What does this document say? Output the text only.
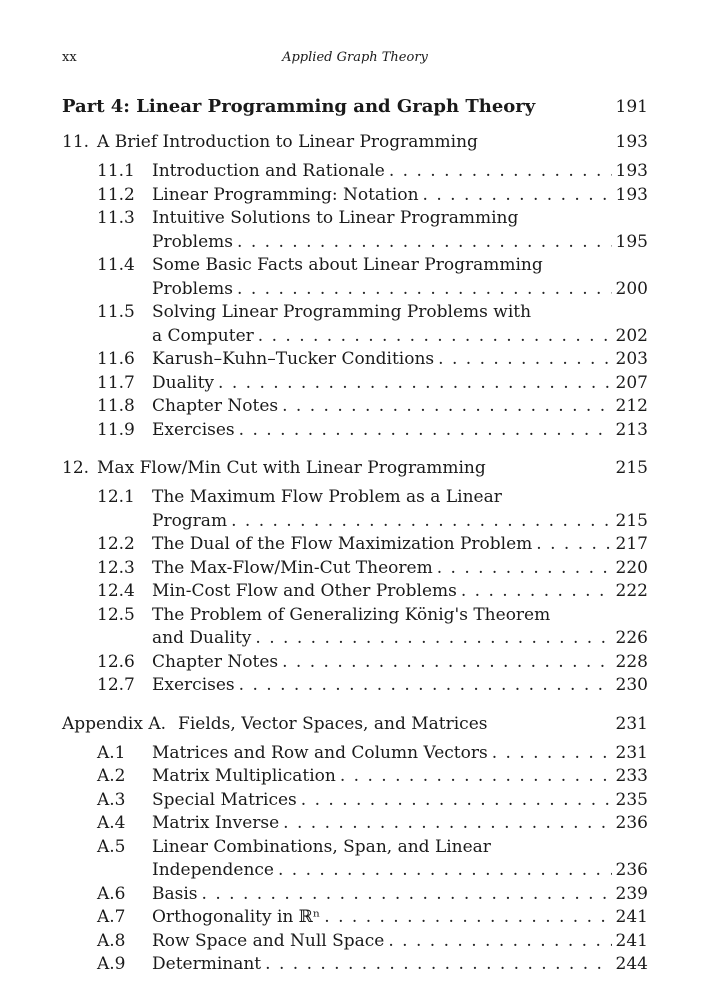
xx	Applied Graph Theory
Part 4: Linear Programming and Graph Theory	191
11. A Brief Introduction to Linear Programming	193
11.1	Introduction and Rationale . . .	193
11.2	Linear Programming: Notation . . .	193
11.3	Intuitive Solutions to Linear Programming
Problems . . .	195
11.4	Some Basic Facts about Linear Programming
Problems . . .	200
11.5	Solving Linear Programming Problems with
a Computer . . .	202
11.6	Karush–Kuhn–Tucker Conditions . . .	203
11.7	Duality . . .	207
11.8	Chapter Notes . . .	212
11.9	Exercises . . .	213
12. Max Flow/Min Cut with Linear Programming	215
12.1	The Maximum Flow Problem as a Linear
Program . . .	215
12.2	The Dual of the Flow Maximization Problem . . .	217
12.3	The Max-Flow/Min-Cut Theorem . . .	220
12.4	Min-Cost Flow and Other Problems . . .	222
12.5	The Problem of Generalizing König's Theorem
and Duality . . .	226
12.6	Chapter Notes . . .	228
12.7	Exercises . . .	230
Appendix A. Fields, Vector Spaces, and Matrices	231
A.1	Matrices and Row and Column Vectors . . .	231
A.2	Matrix Multiplication . . .	233
A.3	Special Matrices . . .	235
A.4	Matrix Inverse . . .	236
A.5	Linear Combinations, Span, and Linear
Independence . . .	236
A.6	Basis . . .	239
A.7	Orthogonality in ℝⁿ . . .	241
A.8	Row Space and Null Space . . .	241
A.9	Determinant . . .	244
